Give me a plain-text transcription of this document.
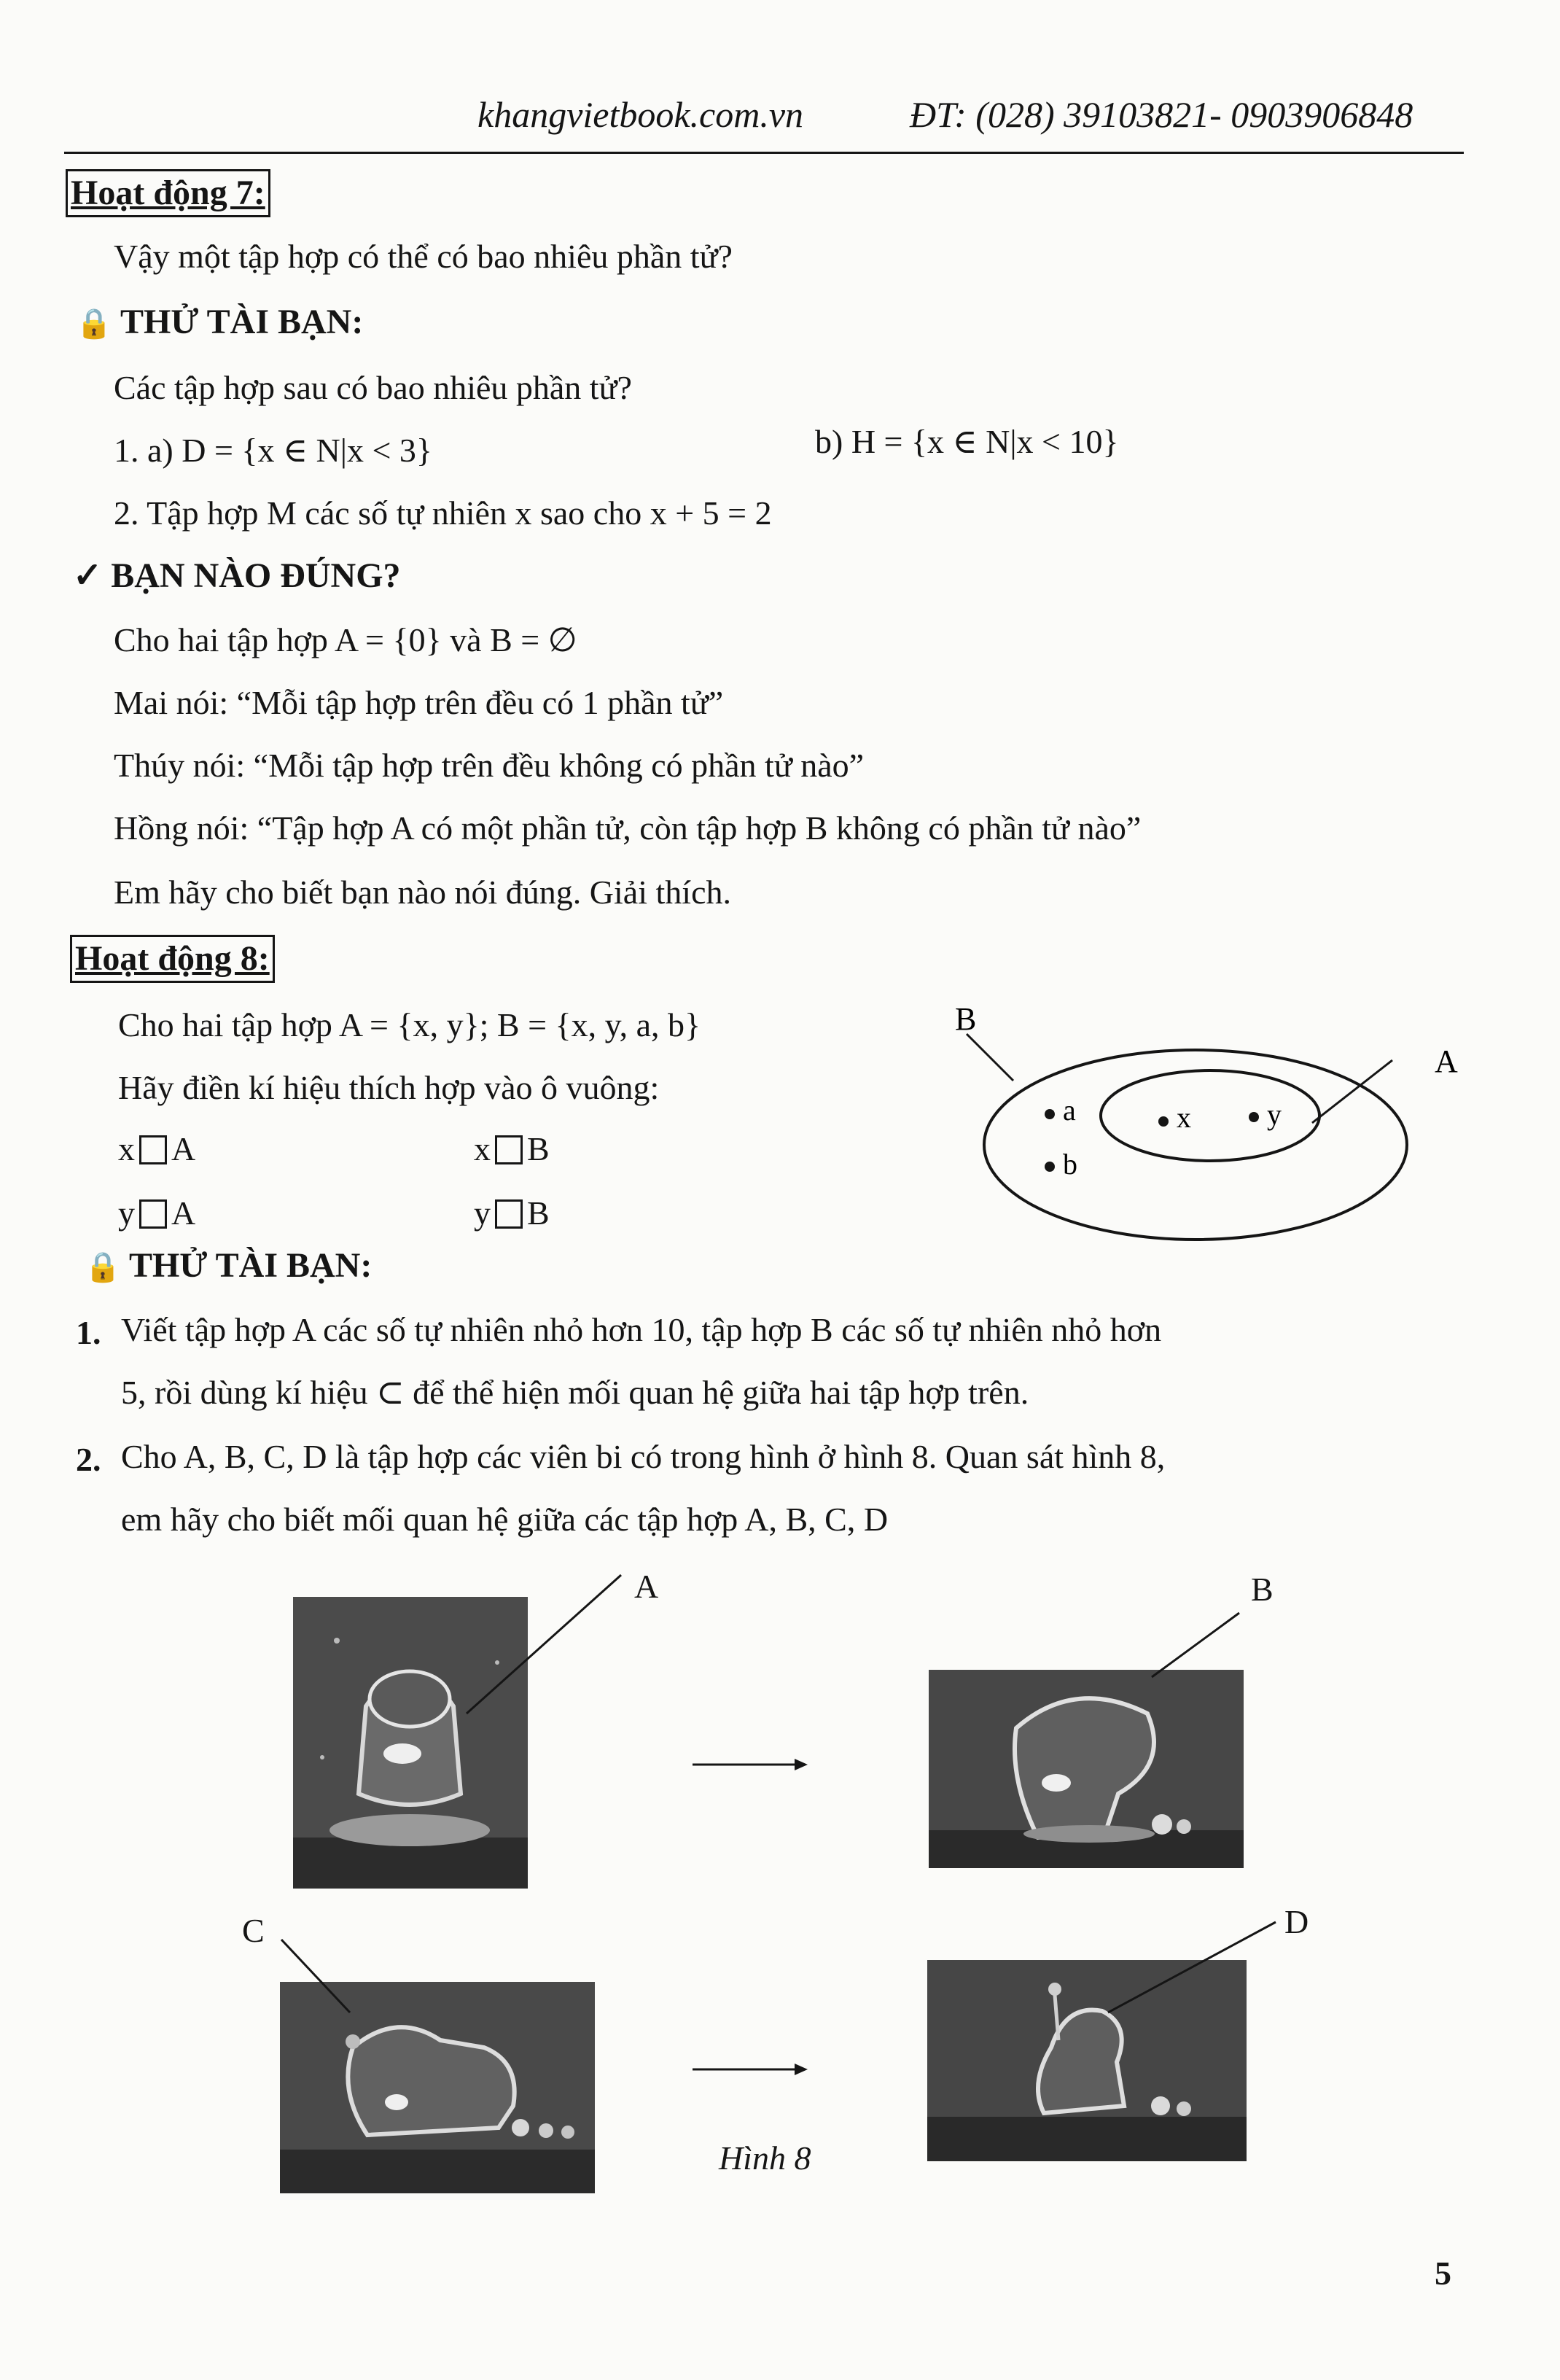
khangvietbook.com.vn	ĐT: (028) 39103821- 0903906848
Hoạt động 7:
Vậy một tập hợp có thể có bao nhiêu phần tử?
🔒 THỬ TÀI BẠN:
Các tập hợp sau có bao nhiêu phần tử?
1. a) D = {x ∈ N|x < 3}	b) H = {x ∈ N|x < 10}
2. Tập hợp M các số tự nhiên x sao cho x + 5 = 2
✓ BẠN NÀO ĐÚNG?
Cho hai tập hợp A = {0} và B = ∅
Mai nói: “Mỗi tập hợp trên đều có 1 phần tử”
Thúy nói: “Mỗi tập hợp trên đều không có phần tử nào”
Hồng nói: “Tập hợp A có một phần tử, còn tập hợp B không có phần tử nào”
Em hãy cho biết bạn nào nói đúng. Giải thích.
Hoạt động 8:
Cho hai tập hợp A = {x, y}; B = {x, y, a, b}
Hãy điền kí hiệu thích hợp vào ô vuông:
x A	x B
y A	y B
B
A
a
b
x	y
🔒 THỬ TÀI BẠN:
1. Viết tập hợp A các số tự nhiên nhỏ hơn 10, tập hợp B các số tự nhiên nhỏ hơn
5, rồi dùng kí hiệu ⊂ để thể hiện mối quan hệ giữa hai tập hợp trên.
2. Cho A, B, C, D là tập hợp các viên bi có trong hình ở hình 8. Quan sát hình 8,
em hãy cho biết mối quan hệ giữa các tập hợp A, B, C, D
A	B
C	D
Hình 8
5
